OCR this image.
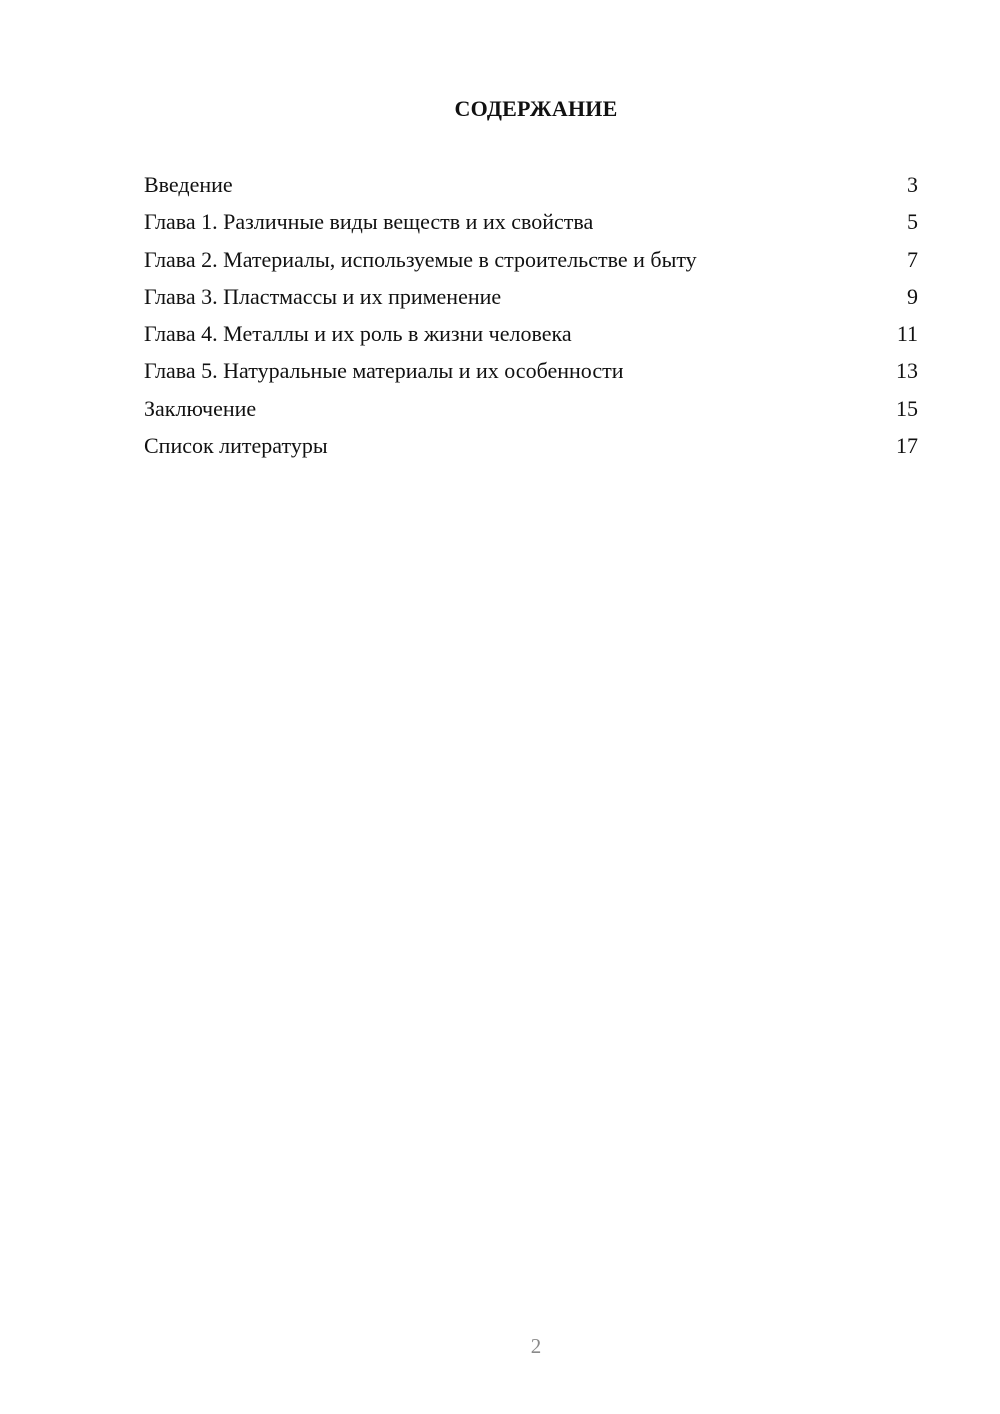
СОДЕРЖАНИЕ
Введение	3
Глава 1. Различные виды веществ и их свойства	5
Глава 2. Материалы, используемые в строительстве и быту	7
Глава 3. Пластмассы и их применение	9
Глава 4. Металлы и их роль в жизни человека	11
Глава 5. Натуральные материалы и их особенности	13
Заключение	15
Список литературы	17
2
